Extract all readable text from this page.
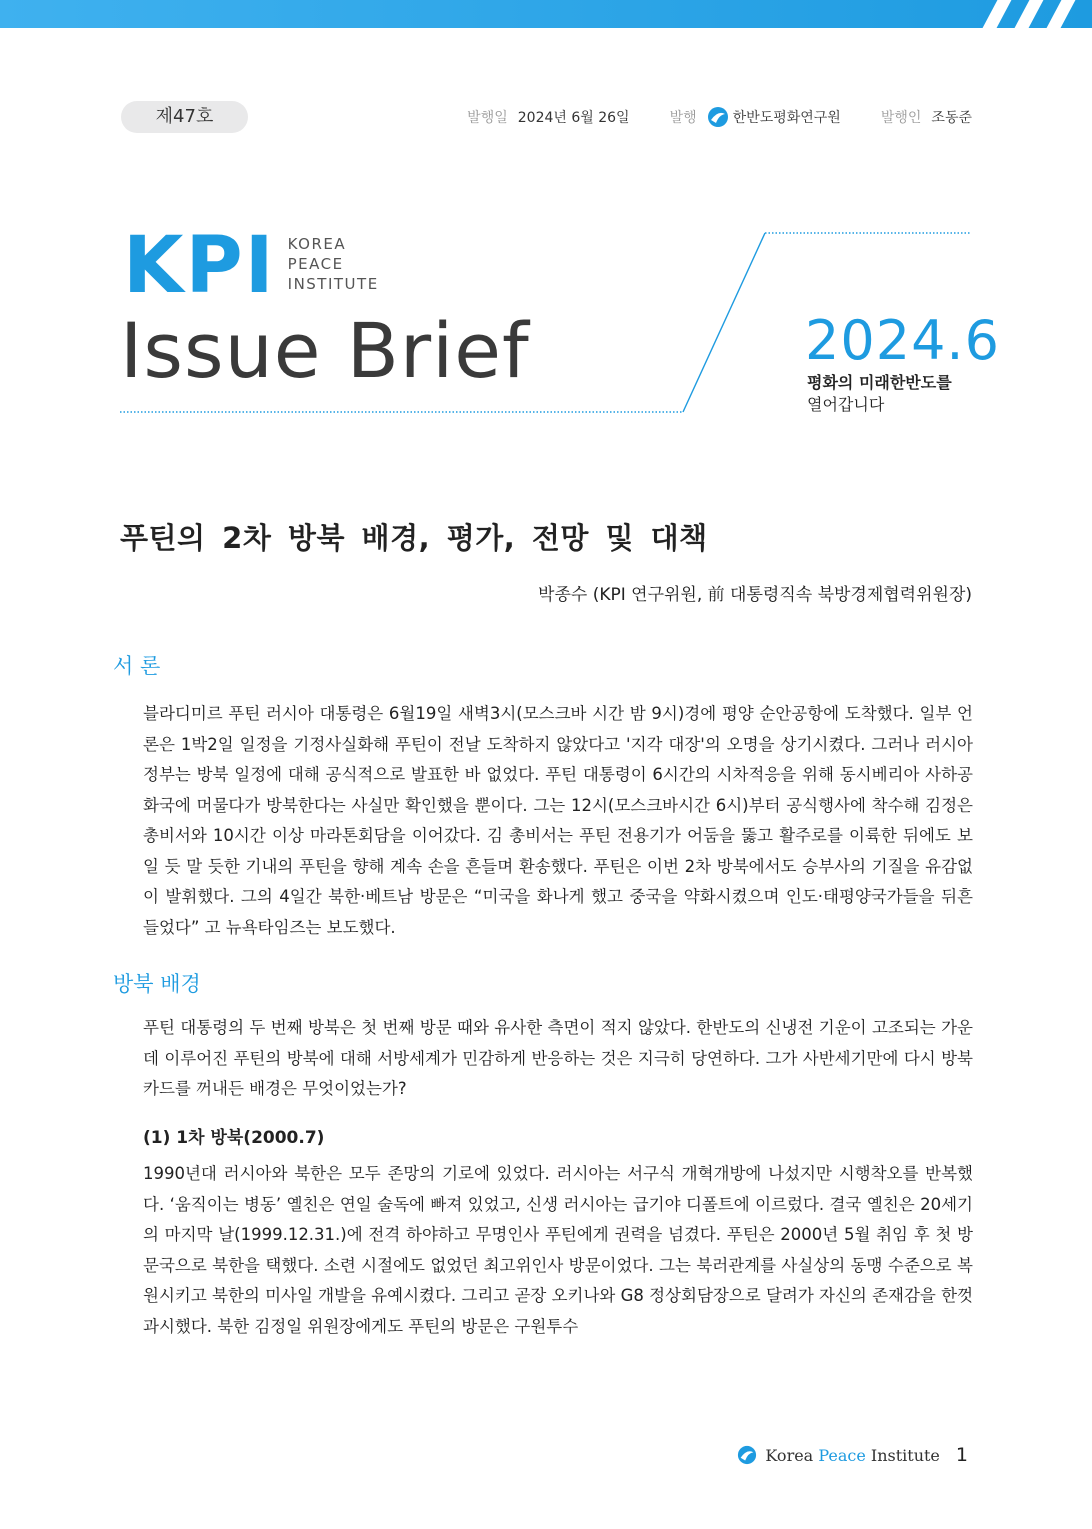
제47호	발행일 2024년 6월 26일	발행	한반도평화연구원	발행인 조동준
KPI KOREA
PEACE
INSTITUTE
Issue Brief	2024.6
평화의 미래한반도를
열어갑니다
푸틴의 2차 방북 배경, 평가, 전망 및 대책
박종수 (KPI 연구위원, 前 대통령직속 북방경제협력위원장)
서 론
블라디미르 푸틴 러시아 대통령은 6월19일 새벽3시(모스크바 시간 밤 9시)경에 평양 순안공항에 도착했다. 일부 언론은 1박2일 일정을 기정사실화해 푸틴이 전날 도착하지 않았다고 '지각 대장'의 오명을 상기시켰다. 그러나 러시아 정부는 방북 일정에 대해 공식적으로 발표한 바 없었다. 푸틴 대통령이 6시간의 시차적응을 위해 동시베리아 사하공화국에 머물다가 방북한다는 사실만 확인했을 뿐이다. 그는 12시(모스크바시간 6시)부터 공식행사에 착수해 김정은 총비서와 10시간 이상 마라톤회담을 이어갔다. 김 총비서는 푸틴 전용기가 어둠을 뚫고 활주로를 이륙한 뒤에도 보일 듯 말 듯한 기내의 푸틴을 향해 계속 손을 흔들며 환송했다. 푸틴은 이번 2차 방북에서도 승부사의 기질을 유감없이 발휘했다. 그의 4일간 북한·베트남 방문은 “미국을 화나게 했고 중국을 약화시켰으며 인도·태평양국가들을 뒤흔들었다” 고 뉴욕타임즈는 보도했다.
방북 배경
푸틴 대통령의 두 번째 방북은 첫 번째 방문 때와 유사한 측면이 적지 않았다. 한반도의 신냉전 기운이 고조되는 가운데 이루어진 푸틴의 방북에 대해 서방세계가 민감하게 반응하는 것은 지극히 당연하다. 그가 사반세기만에 다시 방북 카드를 꺼내든 배경은 무엇이었는가?
(1) 1차 방북(2000.7)
1990년대 러시아와 북한은 모두 존망의 기로에 있었다. 러시아는 서구식 개혁개방에 나섰지만 시행착오를 반복했다. ‘움직이는 병동’ 옐친은 연일 술독에 빠져 있었고, 신생 러시아는 급기야 디폴트에 이르렀다. 결국 옐친은 20세기의 마지막 날(1999.12.31.)에 전격 하야하고 무명인사 푸틴에게 권력을 넘겼다. 푸틴은 2000년 5월 취임 후 첫 방문국으로 북한을 택했다. 소련 시절에도 없었던 최고위인사 방문이었다. 그는 북러관계를 사실상의 동맹 수준으로 복원시키고 북한의 미사일 개발을 유예시켰다. 그리고 곧장 오키나와 G8 정상회담장으로 달려가 자신의 존재감을 한껏 과시했다. 북한 김정일 위원장에게도 푸틴의 방문은 구원투수
Korea Peace Institute 1
